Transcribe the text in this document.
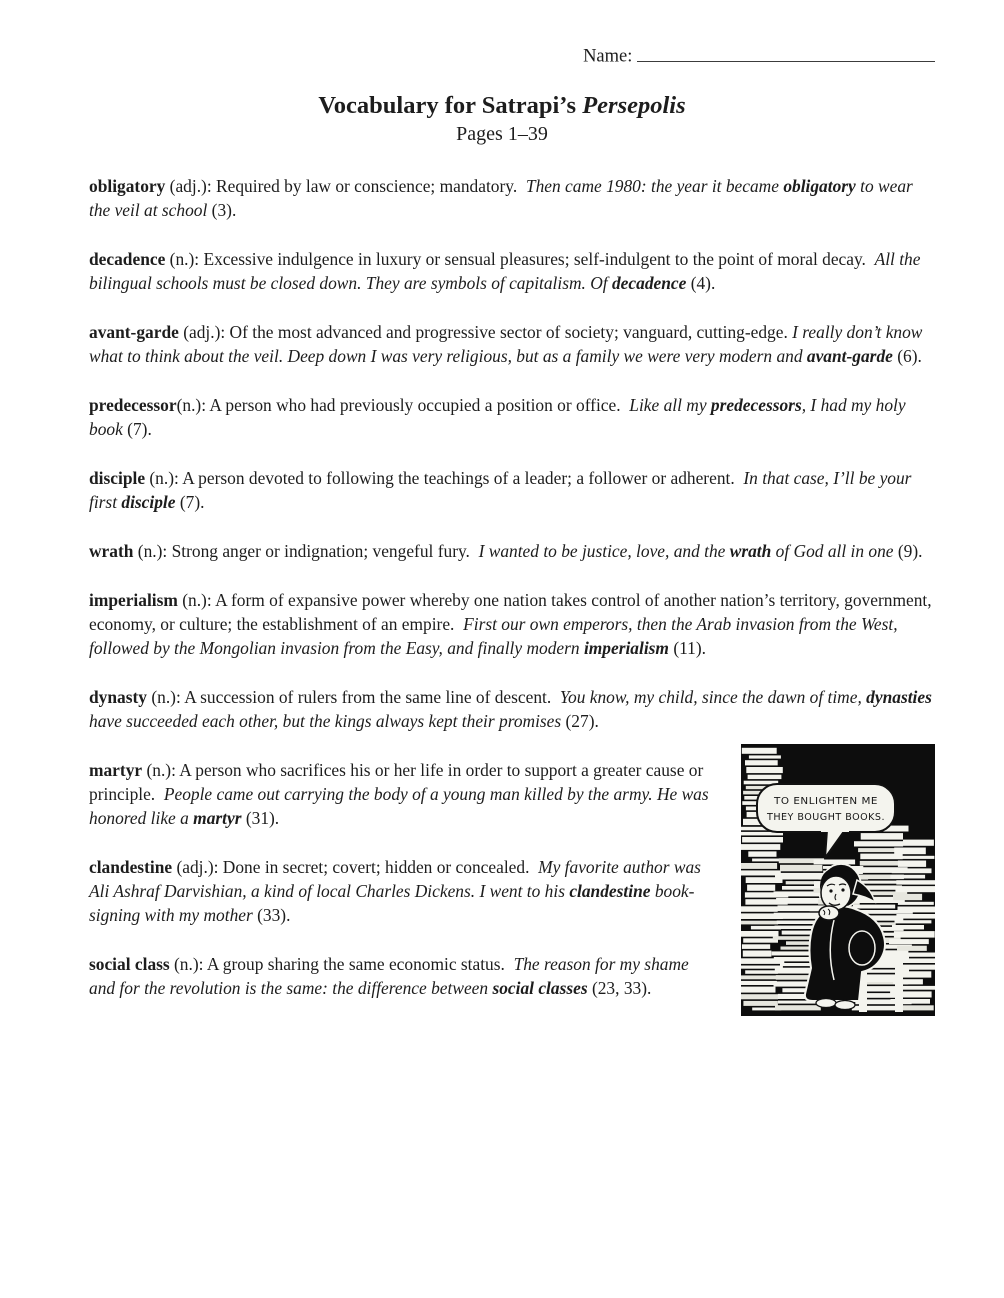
Name:
Vocabulary for Satrapi’s Persepolis
Pages 1–39

obligatory (adj.): Required by law or conscience; mandatory.  Then came 1980: the year it became obligatory to wear the veil at school (3).

decadence (n.): Excessive indulgence in luxury or sensual pleasures; self-indulgent to the point of moral decay.  All the bilingual schools must be closed down. They are symbols of capitalism. Of decadence (4).

avant-garde (adj.): Of the most advanced and progressive sector of society; vanguard, cutting-edge. I really don’t know what to think about the veil. Deep down I was very religious, but as a family we were very modern and avant-garde (6).

predecessor(n.): A person who had previously occupied a position or office.  Like all my predecessors, I had my holy book (7).

disciple (n.): A person devoted to following the teachings of a leader; a follower or adherent.  In that case, I’ll be your first disciple (7).

wrath (n.): Strong anger or indignation; vengeful fury.  I wanted to be justice, love, and the wrath of God all in one (9).

imperialism (n.): A form of expansive power whereby one nation takes control of another nation’s territory, government, economy, or culture; the establishment of an empire.  First our own emperors, then the Arab invasion from the West, followed by the Mongolian invasion from the Easy, and finally modern imperialism (11).

dynasty (n.): A succession of rulers from the same line of descent.  You know, my child, since the dawn of time, dynasties have succeeded each other, but the kings always kept their promises (27).

TO ENLIGHTEN ME
THEY BOUGHT BOOKS.
martyr (n.): A person who sacrifices his or her life in order to support a greater cause or principle.  People came out carrying the body of a young man killed by the army. He was honored like a martyr (31).

clandestine (adj.): Done in secret; covert; hidden or concealed.  My favorite author was Ali Ashraf Darvishian, a kind of local Charles Dickens. I went to his clandestine book-signing with my mother (33).

social class (n.): A group sharing the same economic status.  The reason for my shame and for the revolution is the same: the difference between social classes (23, 33).
